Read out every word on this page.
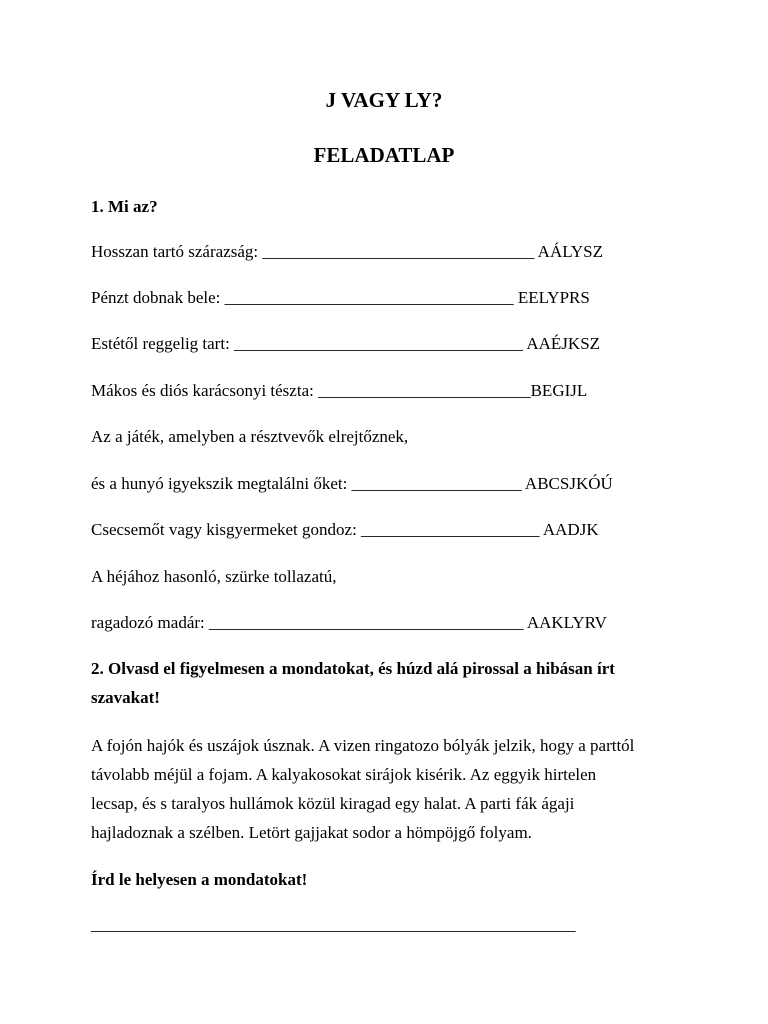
J VAGY LY?
FELADATLAP
1. Mi az?
Hosszan tartó szárazság: ________________________________ AÁLYSZ
Pénzt dobnak bele: __________________________________ EELYPRS
Estétől reggelig tart: __________________________________ AAÉJKSZ
Mákos és diós karácsonyi tészta: _________________________BEGIJL
Az a játék, amelyben a résztvevők elrejtőznek,
és a hunyó igyekszik megtalálni őket: ____________________ ABCSJKÓÚ
Csecsemőt vagy kisgyermeket gondoz: _____________________ AADJK
A héjához hasonló, szürke tollazatú,
ragadozó madár: _____________________________________ AAKLYRV
2. Olvasd el figyelmesen a mondatokat, és húzd alá pirossal a hibásan írt
szavakat!
A fojón hajók és uszájok úsznak. A vizen ringatozo bólyák jelzik, hogy a parttól
távolabb méjül a fojam. A kalyakosokat sirájok kisérik. Az eggyik hirtelen
lecsap, és s taralyos hullámok közül kiragad egy halat. A parti fák ágaji
hajladoznak a szélben. Letört gajjakat sodor a hömpöjgő folyam.
Írd le helyesen a mondatokat!
_________________________________________________________
